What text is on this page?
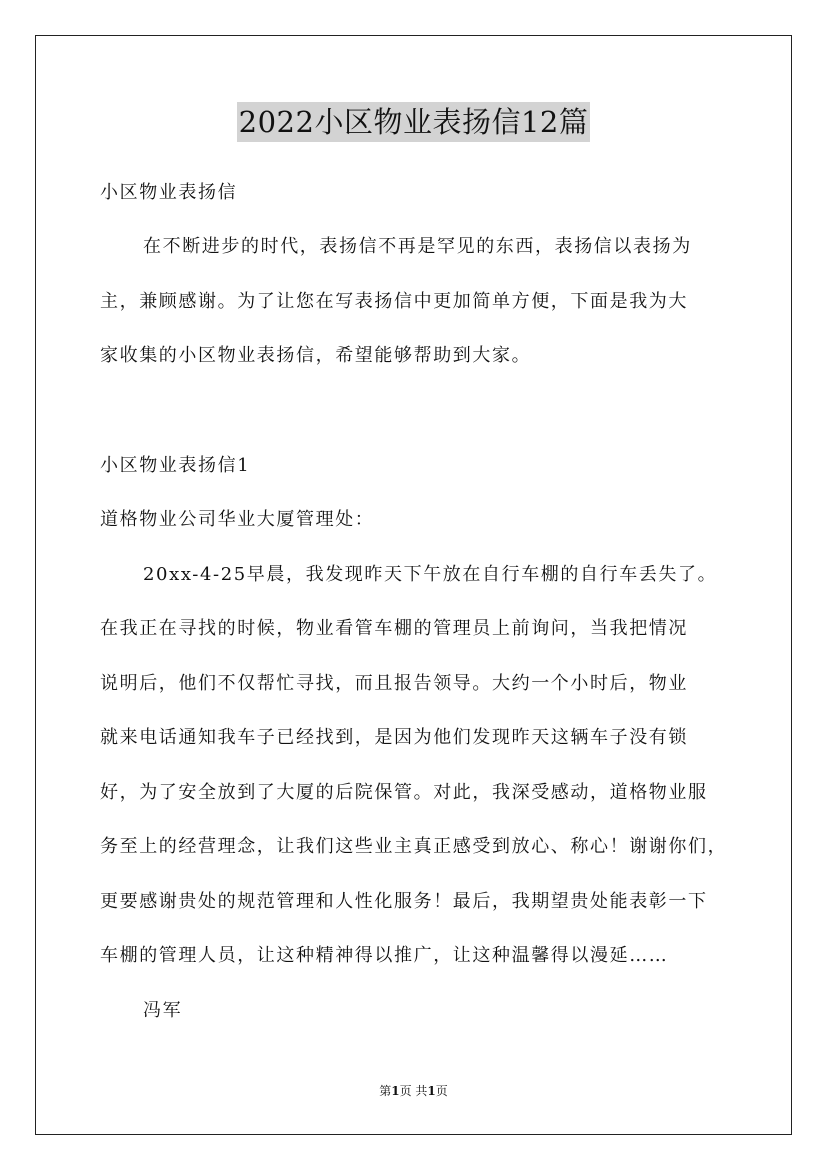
2022小区物业表扬信12篇
小区物业表扬信
在不断进步的时代，表扬信不再是罕见的东西，表扬信以表扬为
主，兼顾感谢。为了让您在写表扬信中更加简单方便，下面是我为大
家收集的小区物业表扬信，希望能够帮助到大家。
小区物业表扬信1
道格物业公司华业大厦管理处：
20xx-4-25早晨，我发现昨天下午放在自行车棚的自行车丢失了。
在我正在寻找的时候，物业看管车棚的管理员上前询问，当我把情况
说明后，他们不仅帮忙寻找，而且报告领导。大约一个小时后，物业
就来电话通知我车子已经找到，是因为他们发现昨天这辆车子没有锁
好，为了安全放到了大厦的后院保管。对此，我深受感动，道格物业服
务至上的经营理念，让我们这些业主真正感受到放心、称心！谢谢你们，
更要感谢贵处的规范管理和人性化服务！最后，我期望贵处能表彰一下
车棚的管理人员，让这种精神得以推广，让这种温馨得以漫延……
冯军
第1页 共1页
